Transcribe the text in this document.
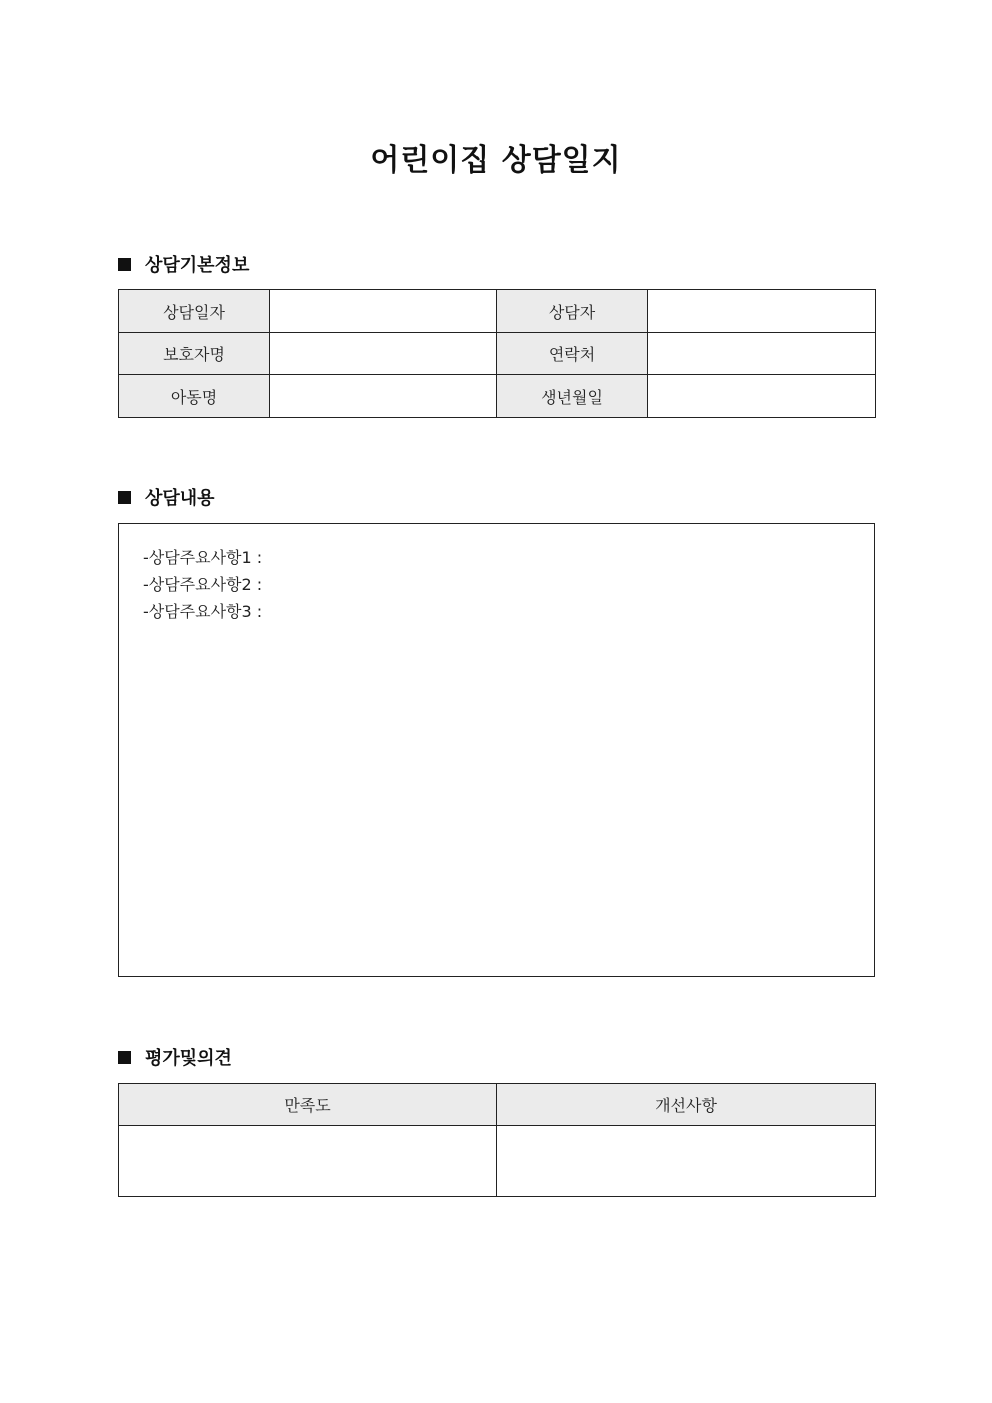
어린이집 상담일지
상담기본정보
상담일자		상담자	
보호자명		연락처	
아동명		생년월일	
상담내용
-상담주요사항1 :
-상담주요사항2 :
-상담주요사항3 :
평가및의견
만족도	개선사항
